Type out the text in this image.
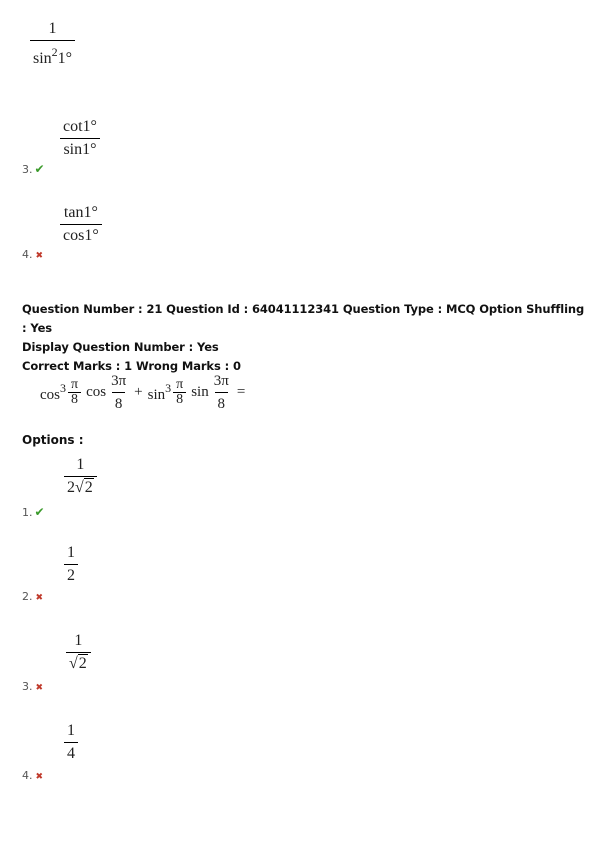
$\frac{1}{\sin^21^\circ}$
$\frac{\cot 1^\circ}{\sin 1^\circ}$
3. ✔
$\frac{\tan 1^\circ}{\cos 1^\circ}$
4. ✖
Question Number : 21 Question Id : 64041112341 Question Type : MCQ Option Shuffling : Yes
Display Question Number : Yes
Correct Marks : 1 Wrong Marks : 0
$\cos^3 \frac{\pi}{8}$ $\cos \frac{3\pi}{8} + \sin^3 \frac{\pi}{8}$ $\sin \frac{3\pi}{8}$ =
Options :
$\frac{1}{2√2}$
1. ✔
$\frac{1}{2}$
2. ✖
$\frac{1}{√2}$
3. ✖
$\frac{1}{4}$
4. ✖
